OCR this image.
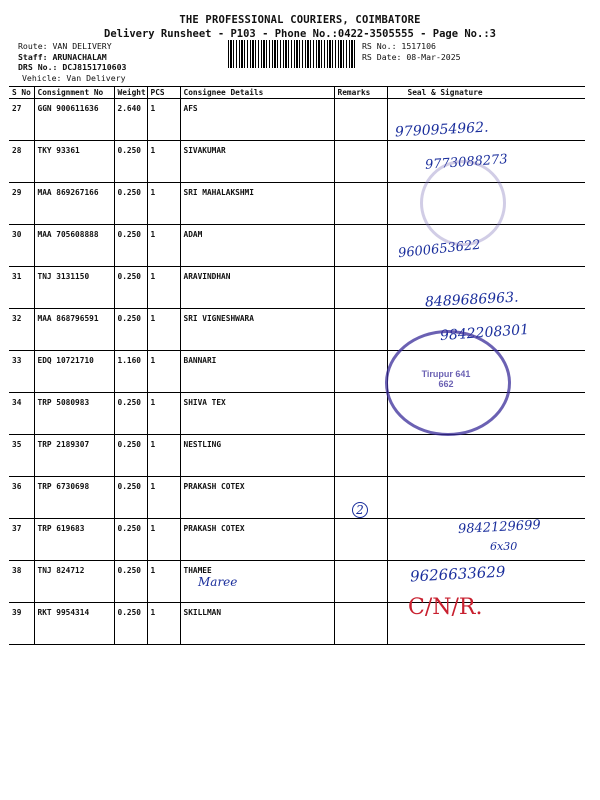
THE PROFESSIONAL COURIERS, COIMBATORE
Delivery Runsheet - P103 - Phone No.:0422-3505555 - Page No.:3
Route: VAN DELIVERY
Staff: ARUNACHALAM
DRS No.: DCJ8151710603
Vehicle: Van Delivery
RS No.: 1517106
RS Date: 08-Mar-2025
S No	Consignment No	Weight	PCS	Consignee Details	Remarks	Seal & Signature
27	GGN 900611636	2.640	1	AFS		
28	TKY 93361	0.250	1	SIVAKUMAR		
29	MAA 869267166	0.250	1	SRI MAHALAKSHMI		
30	MAA 705608888	0.250	1	ADAM		
31	TNJ 3131150	0.250	1	ARAVINDHAN		
32	MAA 868796591	0.250	1	SRI VIGNESHWARA		
33	EDQ 10721710	1.160	1	BANNARI		
34	TRP 5080983	0.250	1	SHIVA TEX		
35	TRP 2189307	0.250	1	NESTLING		
36	TRP 6730698	0.250	1	PRAKASH COTEX		
37	TRP 619683	0.250	1	PRAKASH COTEX		
38	TNJ 824712	0.250	1	THAMEE		
39	RKT 9954314	0.250	1	SKILLMAN		
9790954962.
9773088273
9600653622
8489686963.
9842208301
2
9842129699
6x30
Maree	9626633629
C/N/R.
Tirupur 641 662
